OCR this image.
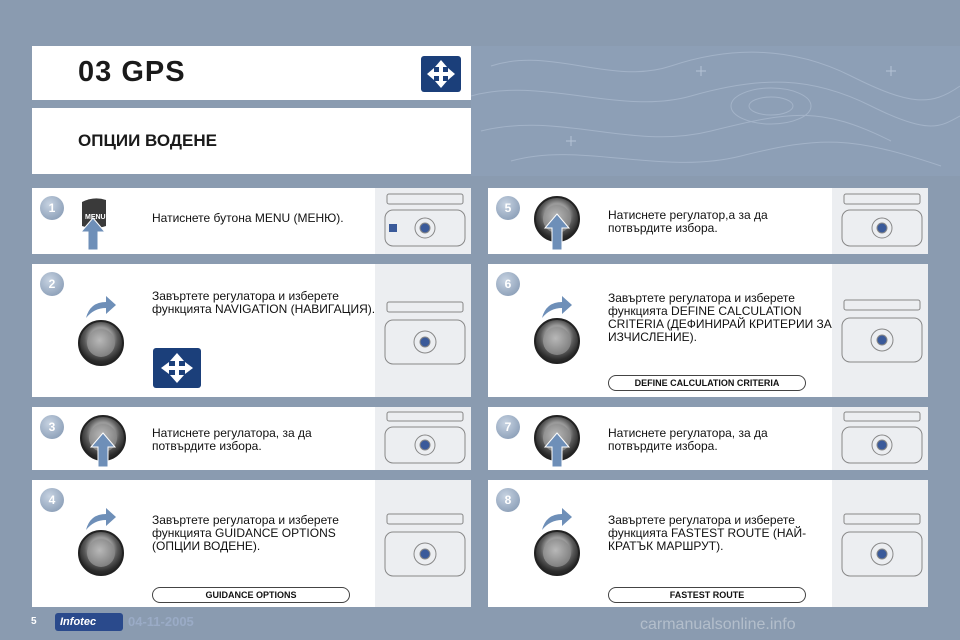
03 GPS
ОПЦИИ ВОДЕНЕ
1
MENU	Натиснете бутона MENU (МЕНЮ).
2
Завъртете регулатора и изберете функцията NAVIGATION (НАВИГАЦИЯ).
3	Натиснете регулатора, за да потвърдите избора.
4
Завъртете регулатора и изберете функцията GUIDANCE OPTIONS (ОПЦИИ ВОДЕНЕ).
GUIDANCE OPTIONS
5	Натиснете регулатор,а за да потвърдите избора.
6
Завъртете регулатора и изберете функцията DEFINE CALCULATION CRITERIA (ДЕФИНИРАЙ КРИТЕРИИ ЗА ИЗЧИСЛЕНИЕ).
DEFINE CALCULATION CRITERIA
7	Натиснете регулатора, за да потвърдите избора.
8
Завъртете регулатора и изберете функцията FASTEST ROUTE (НАЙ-КРАТЪК МАРШРУТ).
FASTEST ROUTE
5	Infotec	04-11-2005	carmanualsonline.info
